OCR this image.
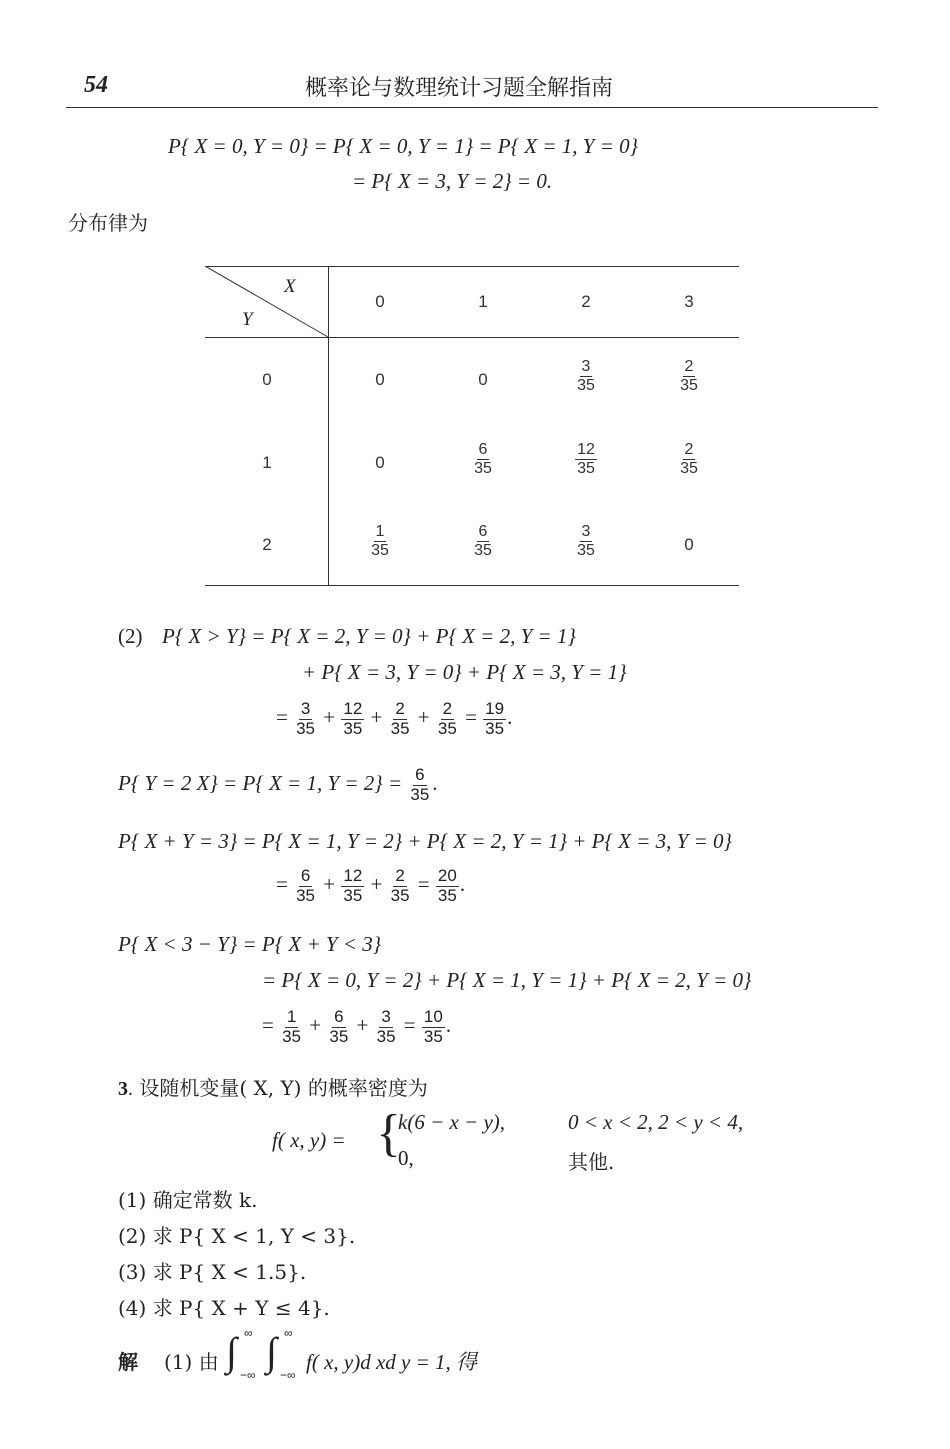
54	概率论与数理统计习题全解指南
P{ X = 0, Y = 0} = P{ X = 0, Y = 1} = P{ X = 1, Y = 0}
= P{ X = 3, Y = 2} = 0.
分布律为
X
Y
0	1	2	3
0	0	0	$\frac{3}{35}$	$\frac{2}{35}$
1	0	$\frac{6}{35}$	$\frac{12}{35}$	$\frac{2}{35}$
2	$\frac{1}{35}$	$\frac{6}{35}$	$\frac{3}{35}$	0
(2) P{ X > Y} = P{ X = 2, Y = 0} + P{ X = 2, Y = 1}
+ P{ X = 3, Y = 0} + P{ X = 3, Y = 1}
= $\frac{3}{35} + \frac{12}{35} + \frac{2}{35} + \frac{2}{35} = \frac{19}{35}$ .
P{ Y = 2 X} = P{ X = 1, $Y = 2\} = \frac{6}{35}$ .
P{ X + Y = 3} = P{ X = 1, Y = 2} + P{ X = 2, Y = 1} + P{ X = 3, Y = 0}
= $\frac{6}{35} + \frac{12}{35} + \frac{2}{35} = \frac{20}{35}$ .
P{ X < 3 − Y} = P{ X + Y < 3}
= P{ X = 0, Y = 2} + P{ X = 1, Y = 1} + P{ X = 2, Y = 0}
= $\frac{1}{35} + \frac{6}{35} + \frac{3}{35} = \frac{10}{35}$ .
3. 设随机变量( X, Y) 的概率密度为
f( x, y) = {
k(6 − x − y),	0 < x < 2, 2 < y < 4,
0,	其他.
(1) 确定常数 k.
(2) 求 P{ X < 1, Y < 3}.
(3) 求 P{ X < 1.5}.
(4) 求 P{ X + Y ≤ 4}.
解 (1) 由 ∫ ∞
−∞
∫ ∞
−∞
f( x, y)d xd y = 1, 得
